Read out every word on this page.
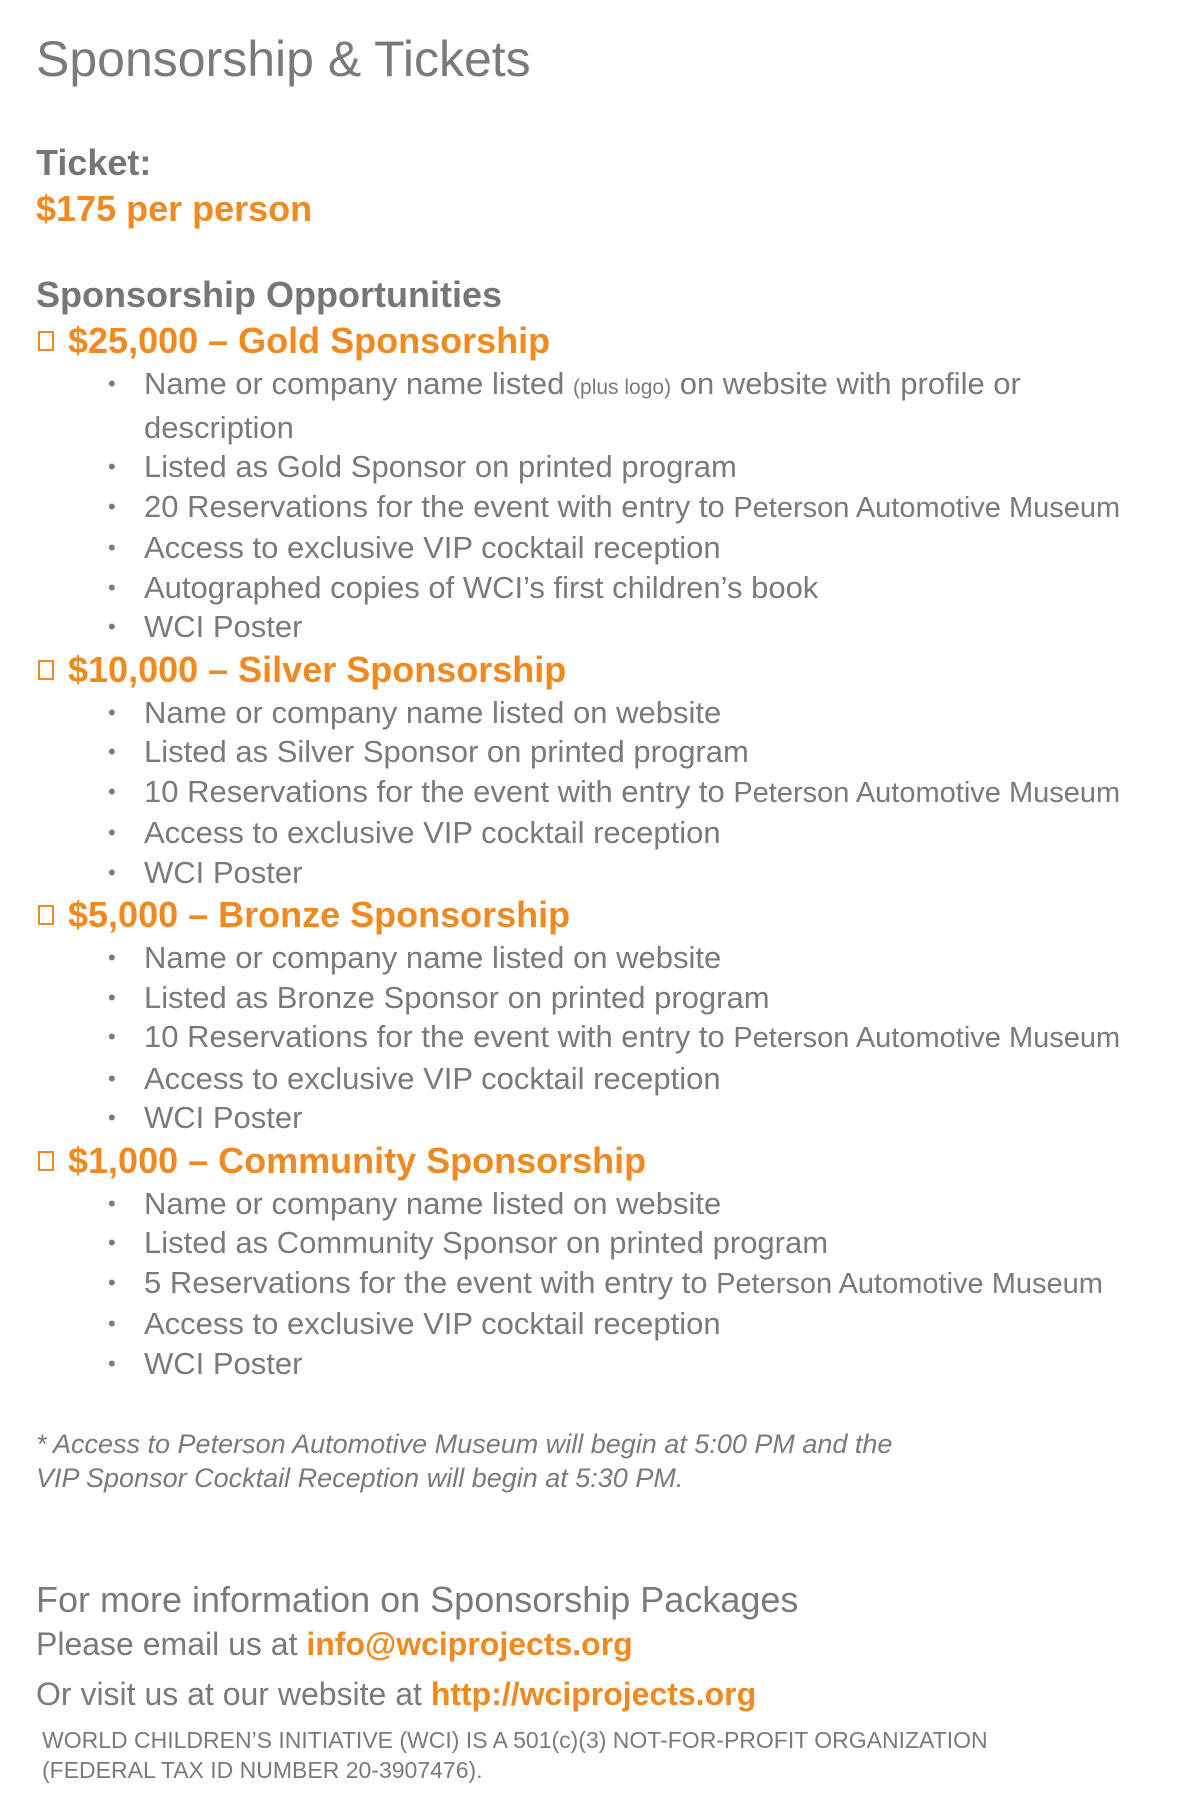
Sponsorship & Tickets
Ticket:
$175 per person
Sponsorship Opportunities
$25,000 – Gold Sponsorship
• Name or company name listed (plus logo) on website with profile or description
• Listed as Gold Sponsor on printed program
• 20 Reservations for the event with entry to Peterson Automotive Museum
• Access to exclusive VIP cocktail reception
• Autographed copies of WCI’s first children’s book
• WCI Poster
$10,000 – Silver Sponsorship
• Name or company name listed on website
• Listed as Silver Sponsor on printed program
• 10 Reservations for the event with entry to Peterson Automotive Museum
• Access to exclusive VIP cocktail reception
• WCI Poster
$5,000 – Bronze Sponsorship
• Name or company name listed on website
• Listed as Bronze Sponsor on printed program
• 10 Reservations for the event with entry to Peterson Automotive Museum
• Access to exclusive VIP cocktail reception
• WCI Poster
$1,000 – Community Sponsorship
• Name or company name listed on website
• Listed as Community Sponsor on printed program
• 5 Reservations for the event with entry to Peterson Automotive Museum
• Access to exclusive VIP cocktail reception
• WCI Poster
* Access to Peterson Automotive Museum will begin at 5:00 PM and the
VIP Sponsor Cocktail Reception will begin at 5:30 PM.
For more information on Sponsorship Packages
Please email us at info@wciprojects.org
Or visit us at our website at http://wciprojects.org
WORLD CHILDREN’S INITIATIVE (WCI) IS A 501(c)(3) NOT-FOR-PROFIT ORGANIZATION
(FEDERAL TAX ID NUMBER 20-3907476).
